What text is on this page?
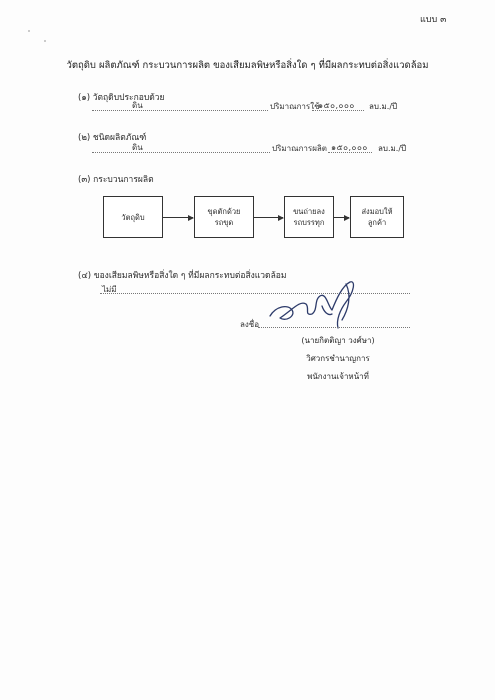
แบบ ๓
วัตถุดิบ ผลิตภัณฑ์ กระบวนการผลิต ของเสียมลพิษหรือสิ่งใด ๆ ที่มีผลกระทบต่อสิ่งแวดล้อม
(๑) วัตถุดิบประกอบด้วย
ดิน	ปริมาณการใช้
๑๕๐,๐๐๐ ลบ.ม./ปี
(๒) ชนิดผลิตภัณฑ์
ดิน	ปริมาณการผลิต ๑๕๐,๐๐๐ ลบ.ม./ปี
(๓) กระบวนการผลิต
วัตถุดิบ
ขุดตักด้วย
รถขุด
ขนถ่ายลง
รถบรรทุก
ส่งมอบให้
ลูกค้า
(๔) ของเสียมลพิษหรือสิ่งใด ๆ ที่มีผลกระทบต่อสิ่งแวดล้อม
ไม่มี
ลงชื่อ
(นายกิตติญา วงศ์ษา)
วิศวกรชำนาญการ
พนักงานเจ้าหน้าที่
